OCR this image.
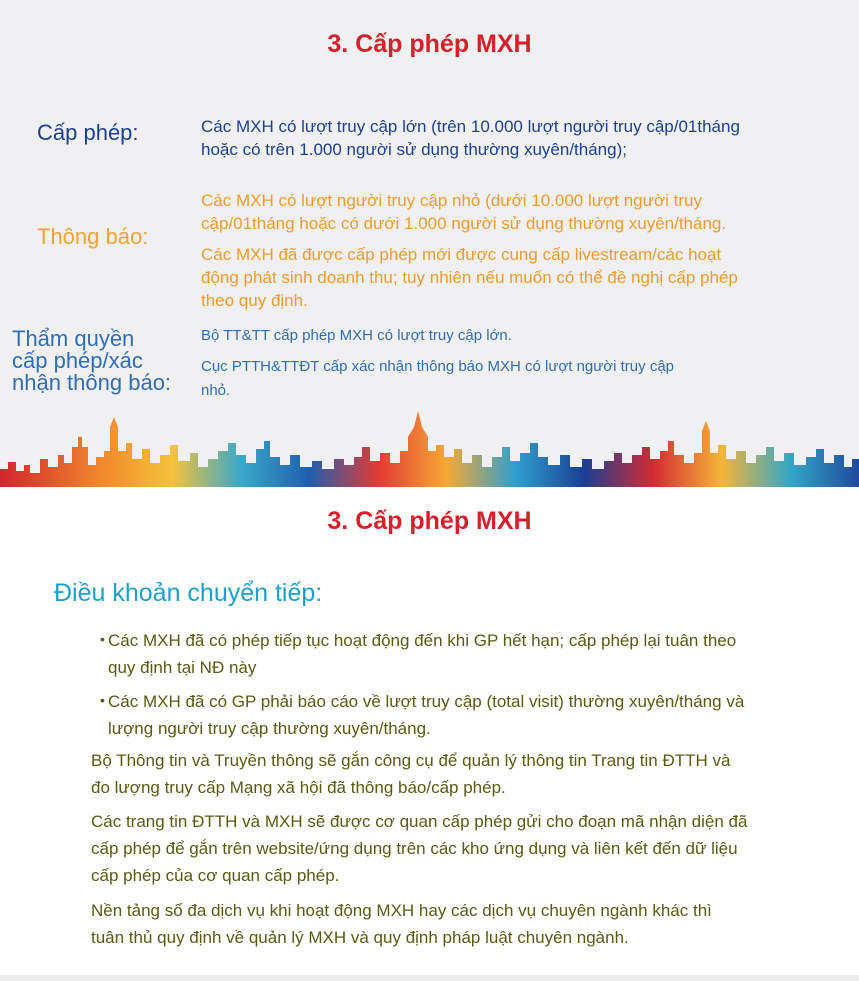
3. Cấp phép MXH
Cấp phép:	Các MXH có lượt truy cập lớn (trên 10.000 lượt người truy cập/01tháng
hoặc có trên 1.000 người sử dụng thường xuyên/tháng);
Thông báo:
Các MXH có lượt người truy cập nhỏ (dưới 10.000 lượt người truy
cập/01tháng hoặc có dưới 1.000 người sử dụng thường xuyên/tháng.
Các MXH đã được cấp phép mới được cung cấp livestream/các hoạt
động phát sinh doanh thu; tuy nhiên nếu muốn có thể đề nghị cấp phép
theo quy định.
Thẩm quyền
cấp phép/xác
nhận thông báo:
Bộ TT&TT cấp phép MXH có lượt truy cập lớn.
Cục PTTH&TTĐT cấp xác nhận thông báo MXH có lượt người truy cập
nhỏ.
3. Cấp phép MXH
Điều khoản chuyển tiếp:
• Các MXH đã có phép tiếp tục hoạt động đến khi GP hết hạn; cấp phép lại tuân theo
quy định tại NĐ này
• Các MXH đã có GP phải báo cáo về lượt truy cập (total visit) thường xuyên/tháng và
lượng người truy cập thường xuyên/tháng.
Bộ Thông tin và Truyền thông sẽ gắn công cụ để quản lý thông tin Trang tin ĐTTH và
đo lượng truy cấp Mạng xã hội đã thông báo/cấp phép.
Các trang tin ĐTTH và MXH sẽ được cơ quan cấp phép gửi cho đoạn mã nhận diện đã
cấp phép để gắn trên website/ứng dụng trên các kho ứng dụng và liên kết đến dữ liệu
cấp phép của cơ quan cấp phép.
Nền tảng số đa dịch vụ khi hoạt động MXH hay các dịch vụ chuyên ngành khác thì
tuân thủ quy định về quản lý MXH và quy định pháp luật chuyên ngành.
